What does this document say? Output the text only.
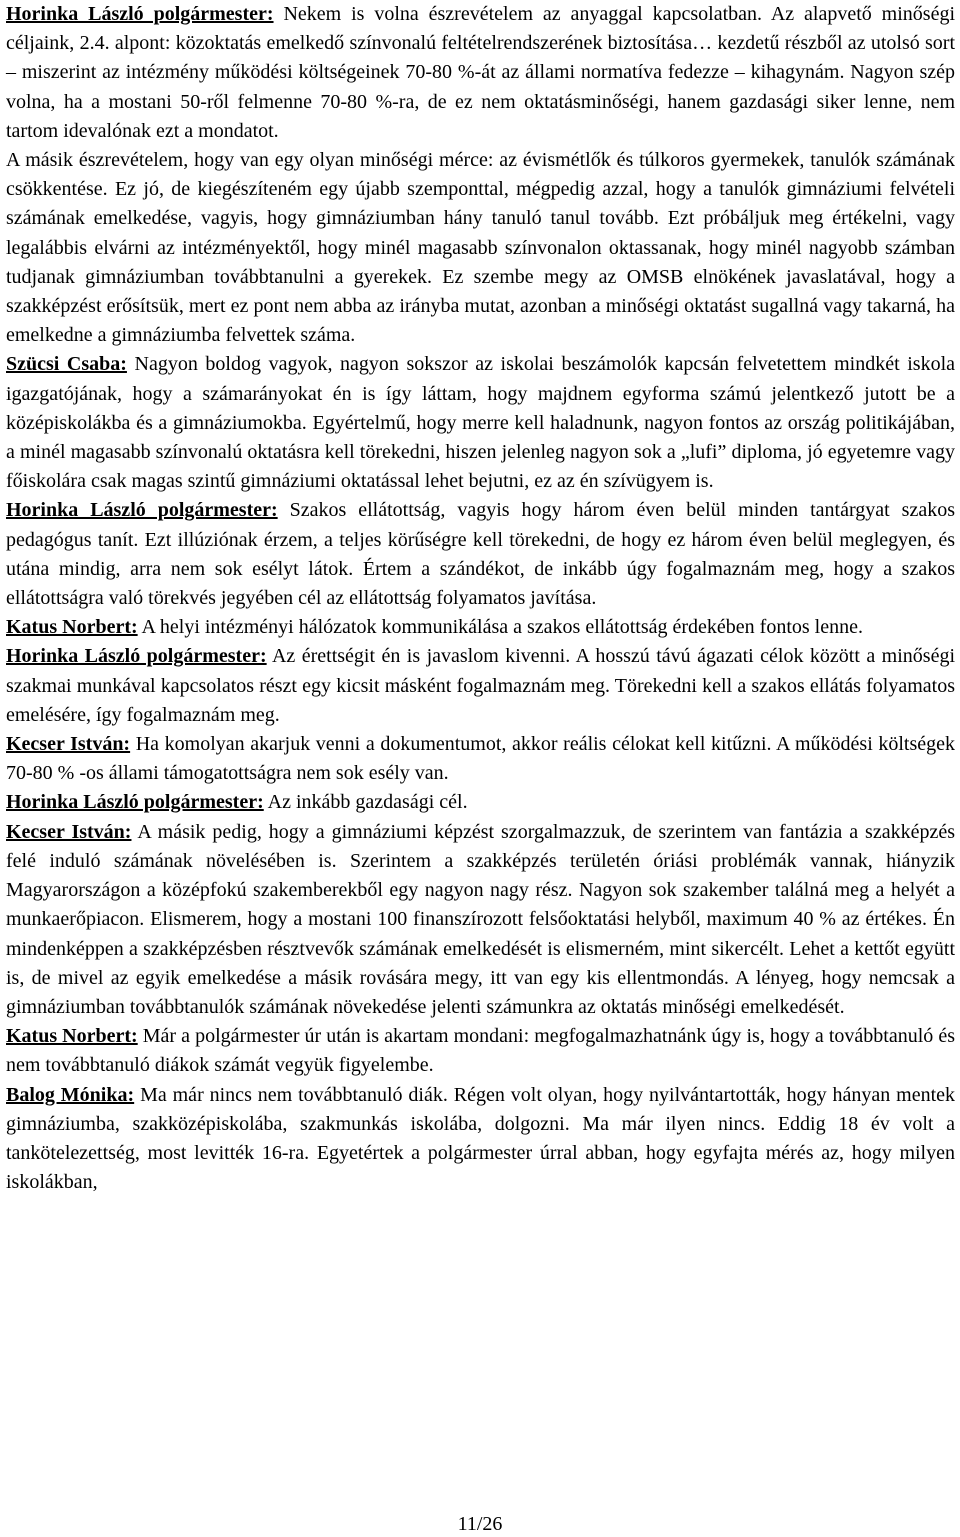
Horinka László polgármester: Nekem is volna észrevételem az anyaggal kapcsolatban. Az alapvető minőségi céljaink, 2.4. alpont: közoktatás emelkedő színvonalú feltételrendszerének biztosítása… kezdetű részből az utolsó sort – miszerint az intézmény működési költségeinek 70-80 %-át az állami normatíva fedezze – kihagynám. Nagyon szép volna, ha a mostani 50-ről felmenne 70-80 %-ra, de ez nem oktatásminőségi, hanem gazdasági siker lenne, nem tartom idevalónak ezt a mondatot.

A másik észrevételem, hogy van egy olyan minőségi mérce: az évismétlők és túlkoros gyermekek, tanulók számának csökkentése. Ez jó, de kiegészíteném egy újabb szemponttal, mégpedig azzal, hogy a tanulók gimnáziumi felvételi számának emelkedése, vagyis, hogy gimnáziumban hány tanuló tanul tovább. Ezt próbáljuk meg értékelni, vagy legalábbis elvárni az intézményektől, hogy minél magasabb színvonalon oktassanak, hogy minél nagyobb számban tudjanak gimnáziumban továbbtanulni a gyerekek. Ez szembe megy az OMSB elnökének javaslatával, hogy a szakképzést erősítsük, mert ez pont nem abba az irányba mutat, azonban a minőségi oktatást sugallná vagy takarná, ha emelkedne a gimnáziumba felvettek száma.

Szücsi Csaba: Nagyon boldog vagyok, nagyon sokszor az iskolai beszámolók kapcsán felvetettem mindkét iskola igazgatójának, hogy a számarányokat én is így láttam, hogy majdnem egyforma számú jelentkező jutott be a középiskolákba és a gimnáziumokba. Egyértelmű, hogy merre kell haladnunk, nagyon fontos az ország politikájában, a minél magasabb színvonalú oktatásra kell törekedni, hiszen jelenleg nagyon sok a „lufi” diploma, jó egyetemre vagy főiskolára csak magas szintű gimnáziumi oktatással lehet bejutni, ez az én szívügyem is.

Horinka László polgármester: Szakos ellátottság, vagyis hogy három éven belül minden tantárgyat szakos pedagógus tanít. Ezt illúziónak érzem, a teljes körűségre kell törekedni, de hogy ez három éven belül meglegyen, és utána mindig, arra nem sok esélyt látok. Értem a szándékot, de inkább úgy fogalmaznám meg, hogy a szakos ellátottságra való törekvés jegyében cél az ellátottság folyamatos javítása.

Katus Norbert: A helyi intézményi hálózatok kommunikálása a szakos ellátottság érdekében fontos lenne.

Horinka László polgármester: Az érettségit én is javaslom kivenni. A hosszú távú ágazati célok között a minőségi szakmai munkával kapcsolatos részt egy kicsit másként fogalmaznám meg. Törekedni kell a szakos ellátás folyamatos emelésére, így fogalmaznám meg.

Kecser István: Ha komolyan akarjuk venni a dokumentumot, akkor reális célokat kell kitűzni. A működési költségek 70-80 % -os állami támogatottságra nem sok esély van.

Horinka László polgármester: Az inkább gazdasági cél.

Kecser István: A másik pedig, hogy a gimnáziumi képzést szorgalmazzuk, de szerintem van fantázia a szakképzés felé induló számának növelésében is. Szerintem a szakképzés területén óriási problémák vannak, hiányzik Magyarországon a középfokú szakemberekből egy nagyon nagy rész. Nagyon sok szakember találná meg a helyét a munkaerőpiacon. Elismerem, hogy a mostani 100 finanszírozott felsőoktatási helyből, maximum 40 % az értékes. Én mindenképpen a szakképzésben résztvevők számának emelkedését is elismerném, mint sikercélt. Lehet a kettőt együtt is, de mivel az egyik emelkedése a másik rovására megy, itt van egy kis ellentmondás. A lényeg, hogy nemcsak a gimnáziumban továbbtanulók számának növekedése jelenti számunkra az oktatás minőségi emelkedését.

Katus Norbert: Már a polgármester úr után is akartam mondani: megfogalmazhatnánk úgy is, hogy a továbbtanuló és nem továbbtanuló diákok számát vegyük figyelembe.

Balog Mónika: Ma már nincs nem továbbtanuló diák. Régen volt olyan, hogy nyilvántartották, hogy hányan mentek gimnáziumba, szakközépiskolába, szakmunkás iskolába, dolgozni. Ma már ilyen nincs. Eddig 18 év volt a tankötelezettség, most levitték 16-ra. Egyetértek a polgármester úrral abban, hogy egyfajta mérés az, hogy milyen iskolákban,

11/26
